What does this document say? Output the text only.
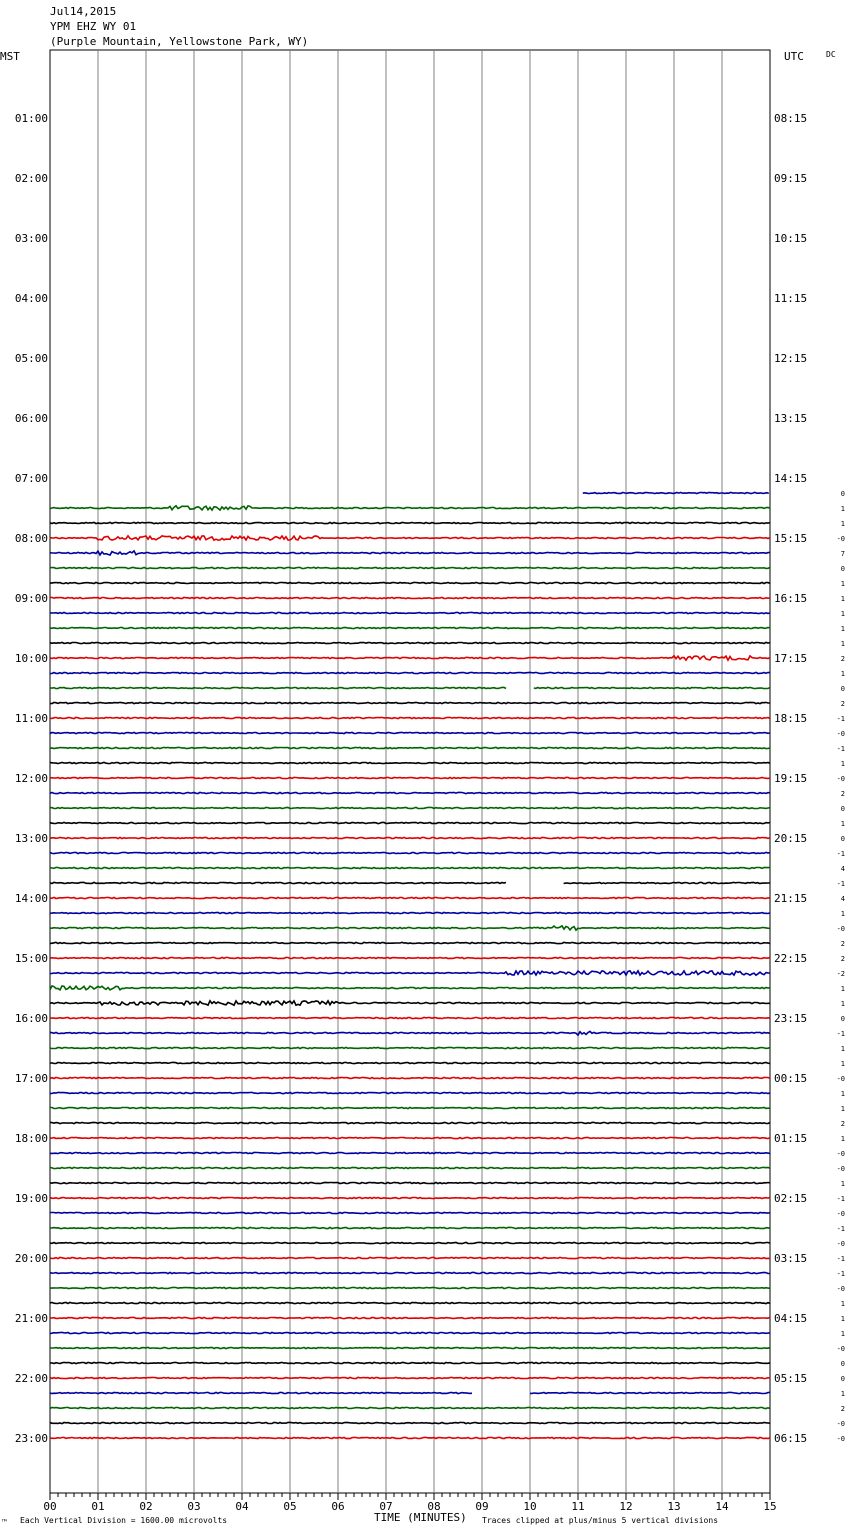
Jul14,2015
YPM EHZ WY 01
(Purple Mountain, Yellowstone Park, WY)
MST	UTC	DC
0
1
1
-0
7
0
1
1
1
1
1
2
1
0
2
-1
-0
-1
1
-0
2
0
1
0
-1
4
-1
4
1
-0
2
2
-2
1
1
0
-1
1
1
-0
1
1
2
1
-0
-0
1
-1
-0
-1
-0
-1
-1
-0
1
1
1
-0
0
0
1
2
-0
-0
01:00
02:00
03:00
04:00
05:00
06:00
07:00
08:00
09:00
10:00
11:00
12:00
13:00
14:00
15:00
16:00
17:00
18:00
19:00
20:00
21:00
22:00
23:00
08:15
09:15
10:15
11:15
12:15
13:15
14:15
15:15
16:15
17:15
18:15
19:15
20:15
21:15
22:15
23:15
00:15
01:15
02:15
03:15
04:15
05:15
06:15
00	01	02	03	04	05	06	07	08	09	10	11	12	13	14	15
™ Each Vertical Division = 1600.00 microvolts	TIME (MINUTES) Traces clipped at plus/minus 5 vertical divisions
